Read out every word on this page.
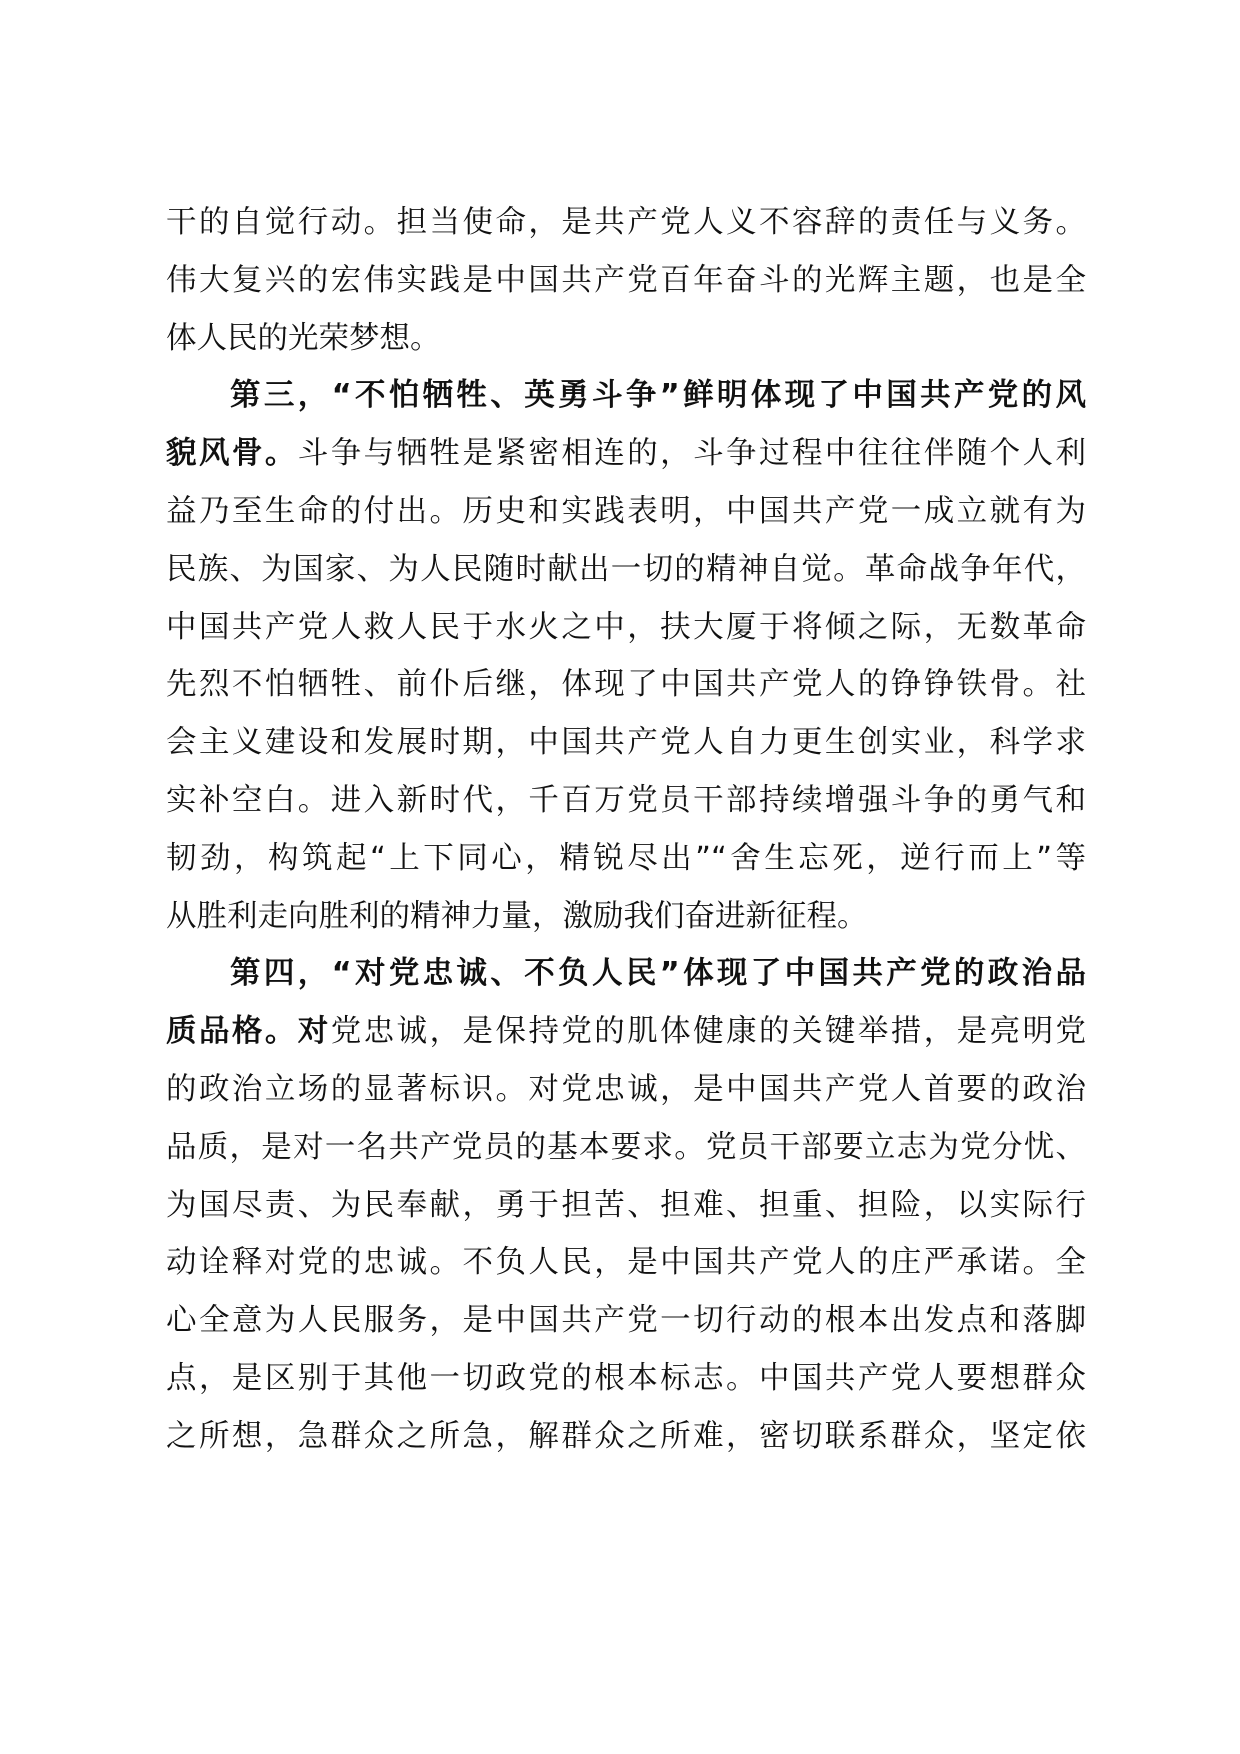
干的自觉行动。担当使命，是共产党人义不容辞的责任与义务。
伟大复兴的宏伟实践是中国共产党百年奋斗的光辉主题，也是全
体人民的光荣梦想。
第三，“不怕牺牲、英勇斗争”鲜明体现了中国共产党的风
貌风骨。斗争与牺牲是紧密相连的，斗争过程中往往伴随个人利
益乃至生命的付出。历史和实践表明，中国共产党一成立就有为
民族、为国家、为人民随时献出一切的精神自觉。革命战争年代，
中国共产党人救人民于水火之中，扶大厦于将倾之际，无数革命
先烈不怕牺牲、前仆后继，体现了中国共产党人的铮铮铁骨。社
会主义建设和发展时期，中国共产党人自力更生创实业，科学求
实补空白。进入新时代，千百万党员干部持续增强斗争的勇气和
韧劲，构筑起“上下同心，精锐尽出”“舍生忘死，逆行而上”等
从胜利走向胜利的精神力量，激励我们奋进新征程。
第四，“对党忠诚、不负人民”体现了中国共产党的政治品
质品格。对党忠诚，是保持党的肌体健康的关键举措，是亮明党
的政治立场的显著标识。对党忠诚，是中国共产党人首要的政治
品质，是对一名共产党员的基本要求。党员干部要立志为党分忧、
为国尽责、为民奉献，勇于担苦、担难、担重、担险，以实际行
动诠释对党的忠诚。不负人民，是中国共产党人的庄严承诺。全
心全意为人民服务，是中国共产党一切行动的根本出发点和落脚
点，是区别于其他一切政党的根本标志。中国共产党人要想群众
之所想，急群众之所急，解群众之所难，密切联系群众，坚定依
